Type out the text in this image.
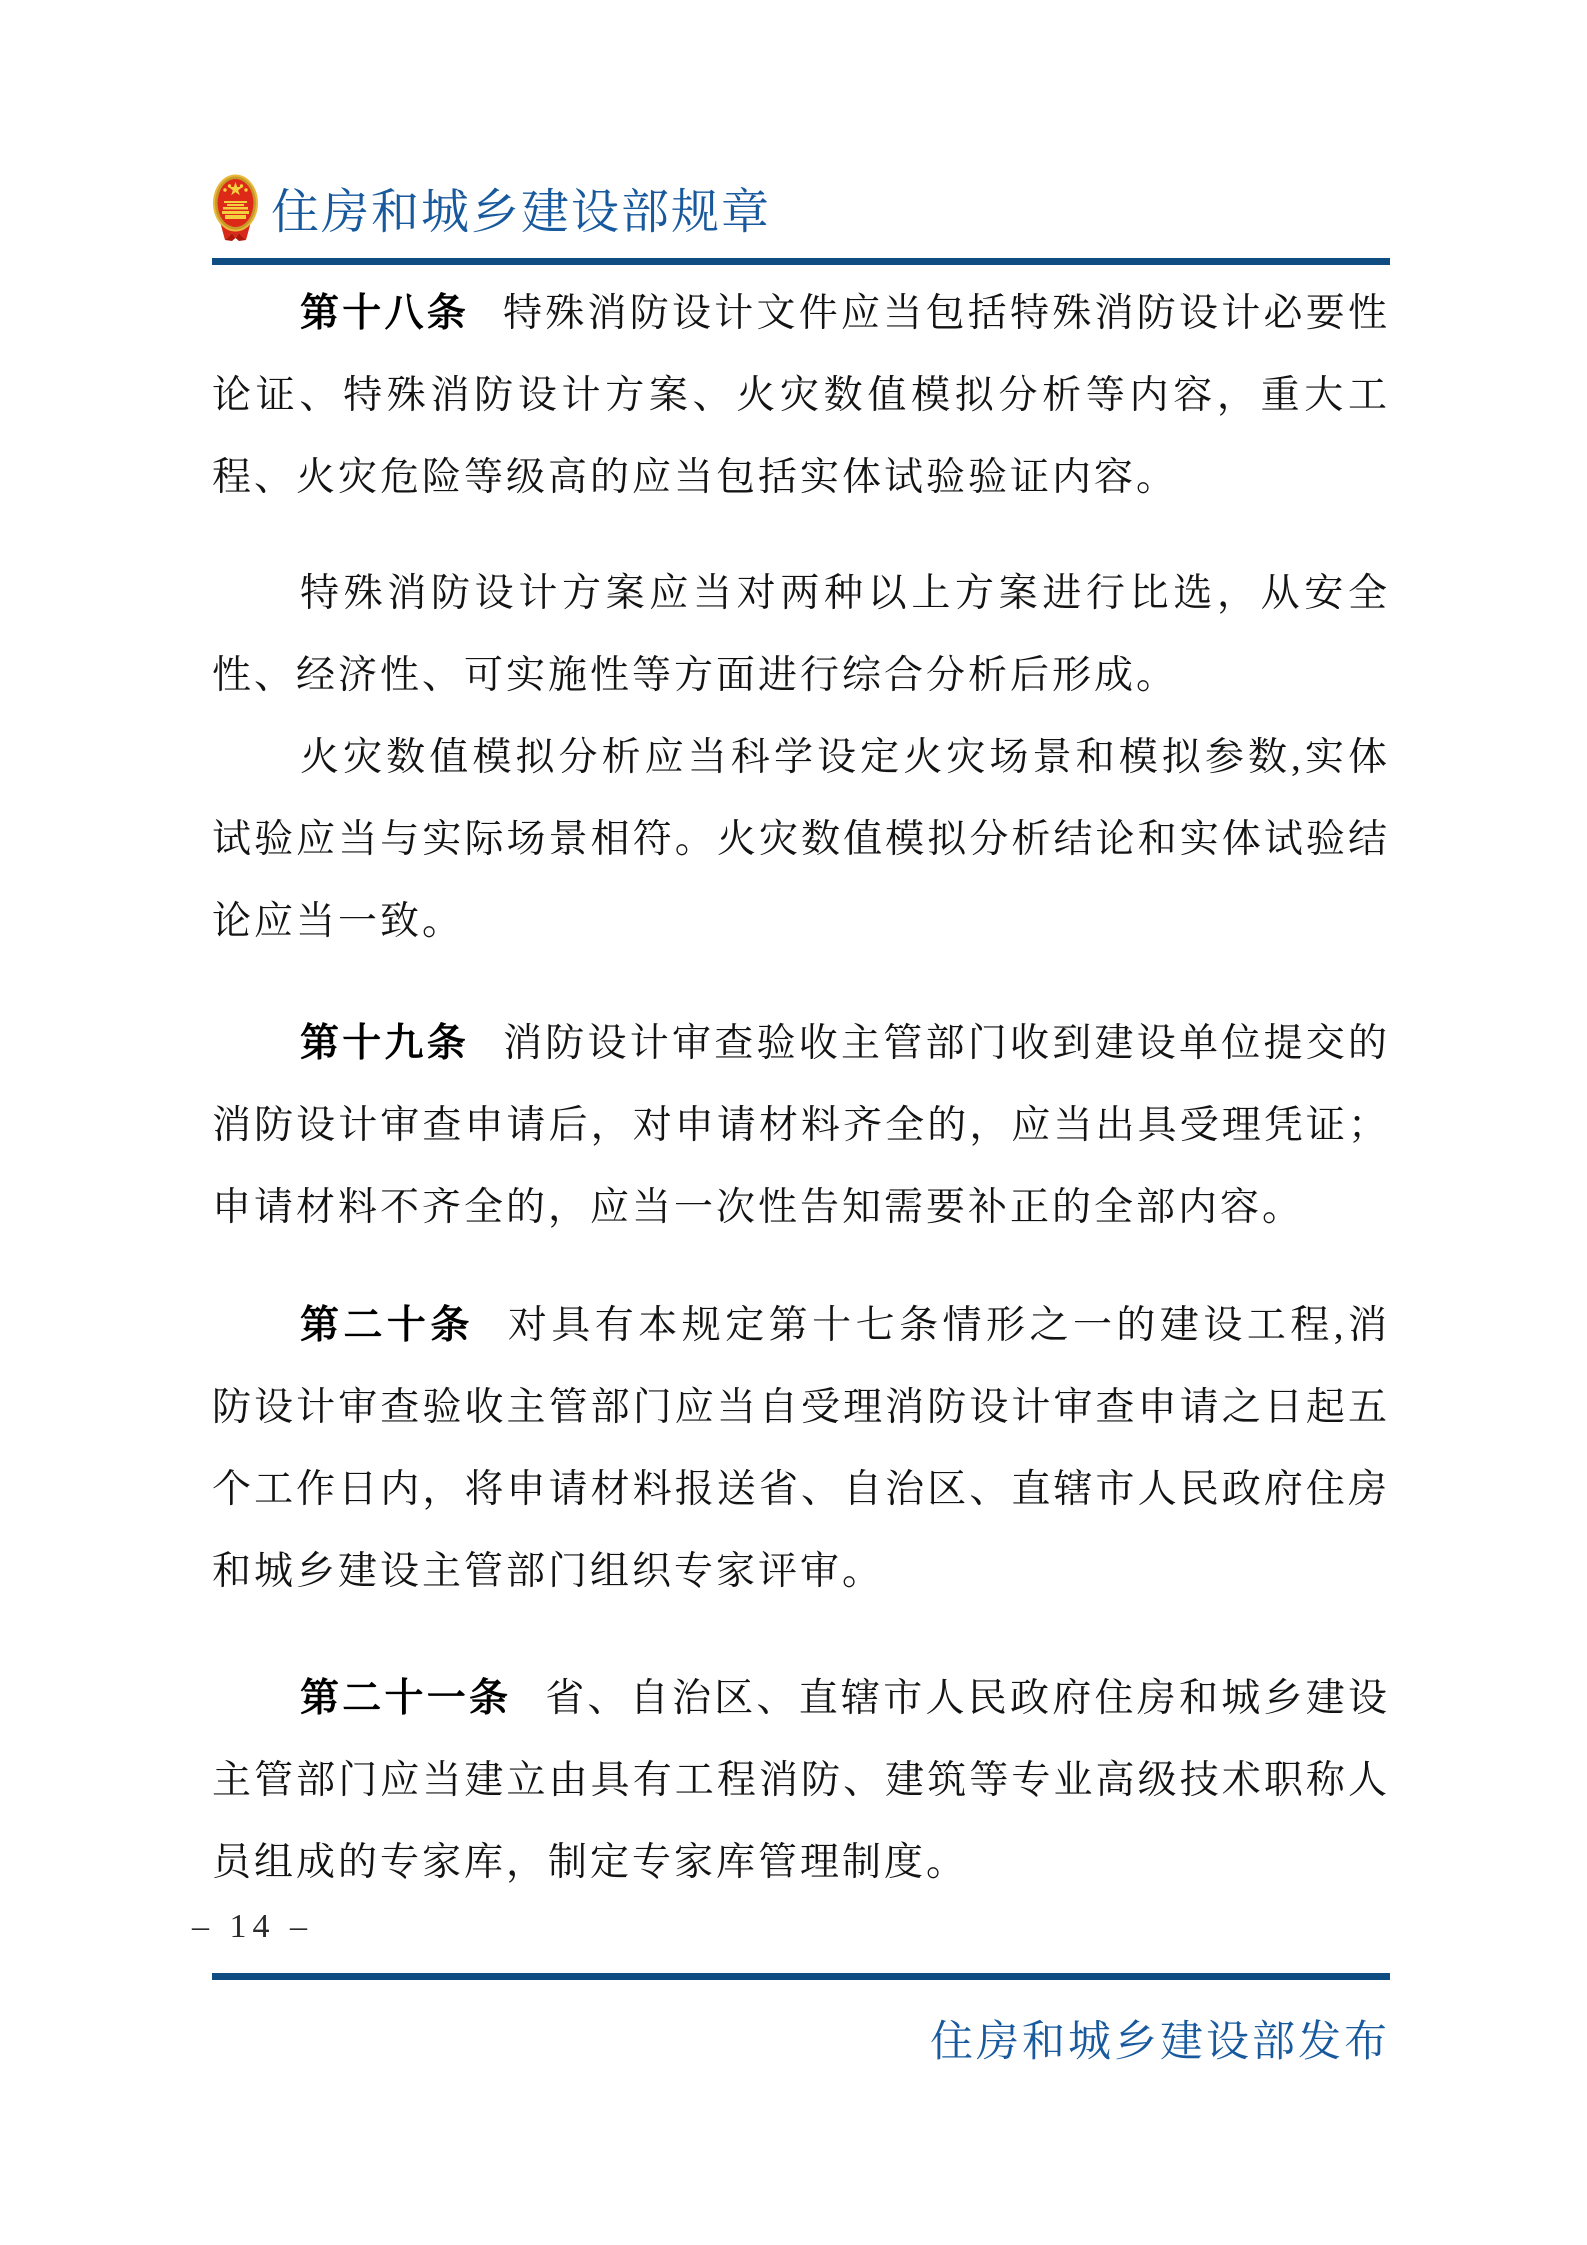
住房和城乡建设部规章

第十八条 特殊消防设计文件应当包括特殊消防设计必要性论证、特殊消防设计方案、火灾数值模拟分析等内容，重大工程、火灾危险等级高的应当包括实体试验验证内容。

特殊消防设计方案应当对两种以上方案进行比选，从安全性、经济性、可实施性等方面进行综合分析后形成。

火灾数值模拟分析应当科学设定火灾场景和模拟参数,实体试验应当与实际场景相符。火灾数值模拟分析结论和实体试验结论应当一致。

第十九条 消防设计审查验收主管部门收到建设单位提交的消防设计审查申请后，对申请材料齐全的，应当出具受理凭证；申请材料不齐全的，应当一次性告知需要补正的全部内容。

第二十条 对具有本规定第十七条情形之一的建设工程,消防设计审查验收主管部门应当自受理消防设计审查申请之日起五个工作日内，将申请材料报送省、自治区、直辖市人民政府住房和城乡建设主管部门组织专家评审。

第二十一条 省、自治区、直辖市人民政府住房和城乡建设主管部门应当建立由具有工程消防、建筑等专业高级技术职称人员组成的专家库，制定专家库管理制度。

– 14 –
住房和城乡建设部发布
